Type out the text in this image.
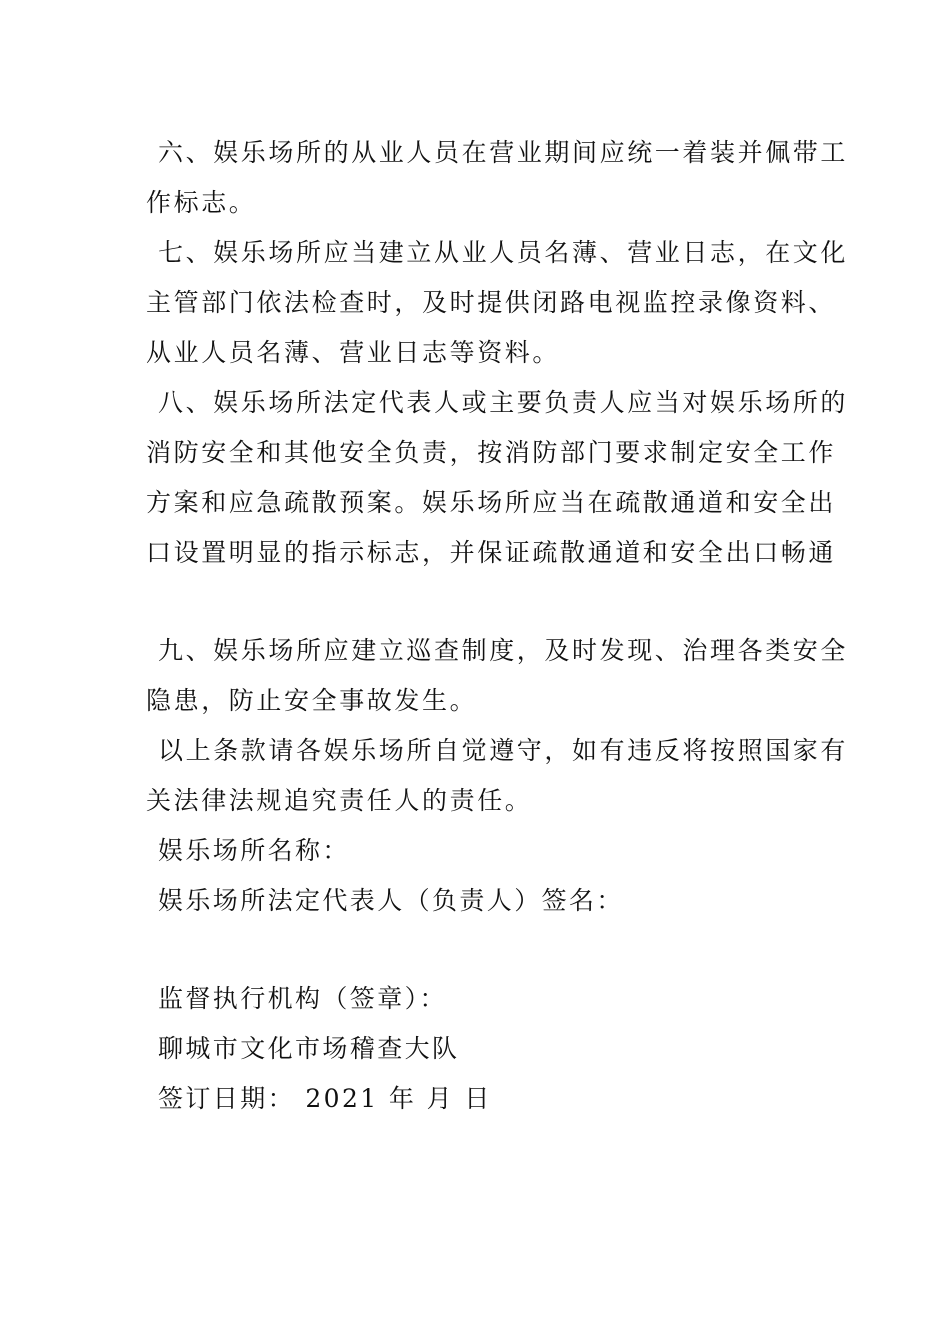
六、娱乐场所的从业人员在营业期间应统一着装并佩带工
作标志。
七、娱乐场所应当建立从业人员名薄、营业日志，在文化
主管部门依法检查时，及时提供闭路电视监控录像资料、
从业人员名薄、营业日志等资料。
八、娱乐场所法定代表人或主要负责人应当对娱乐场所的
消防安全和其他安全负责，按消防部门要求制定安全工作
方案和应急疏散预案。娱乐场所应当在疏散通道和安全出
口设置明显的指示标志，并保证疏散通道和安全出口畅通
九、娱乐场所应建立巡查制度，及时发现、治理各类安全
隐患，防止安全事故发生。
以上条款请各娱乐场所自觉遵守，如有违反将按照国家有
关法律法规追究责任人的责任。
娱乐场所名称：
娱乐场所法定代表人（负责人）签名：
监督执行机构（签章）：
聊城市文化市场稽查大队
签订日期： 2021 年 月 日
